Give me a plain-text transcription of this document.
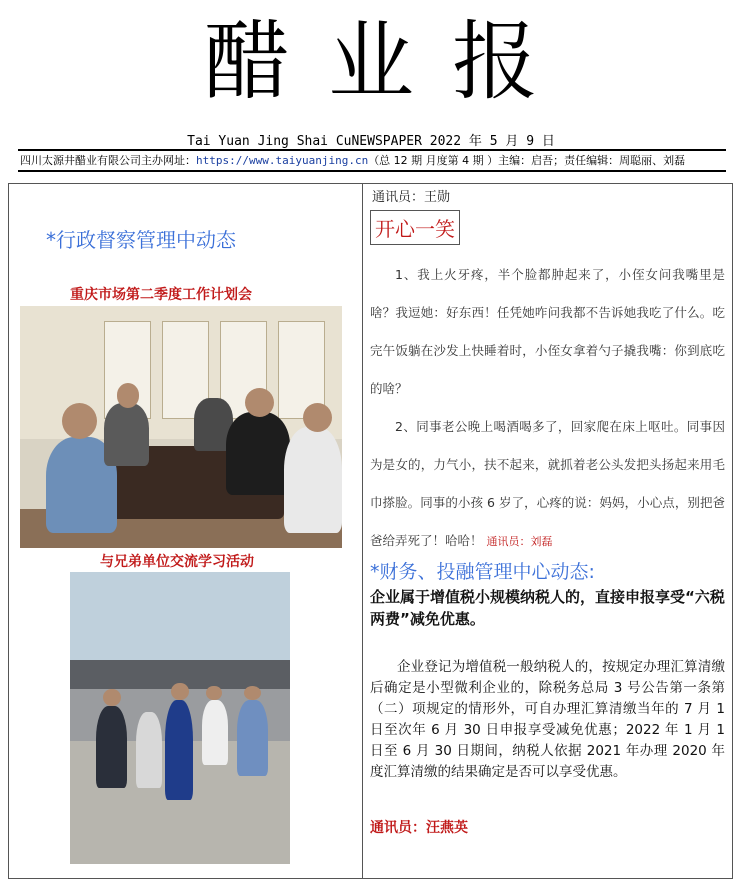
醋业报
Tai Yuan Jing Shai CuNEWSPAPER 2022 年 5 月 9 日
四川太源井醋业有限公司主办网址：https://www.taiyuanjing.cn（总 12 期 月度第 4 期 ）主编：启吾；责任编辑：周聪丽、刘磊
*行政督察管理中动态
重庆市场第二季度工作计划会
与兄弟单位交流学习活动
通讯员：王勋
开心一笑

1、我上火牙疼，半个脸都肿起来了，小侄女问我嘴里是啥？我逗她：好东西！任凭她咋问我都不告诉她我吃了什么。吃完午饭躺在沙发上快睡着时，小侄女拿着勺子撬我嘴：你到底吃的啥？

2、同事老公晚上喝酒喝多了，回家爬在床上呕吐。同事因为是女的，力气小，扶不起来，就抓着老公头发把头扬起来用毛巾搽脸。同事的小孩 6 岁了，心疼的说：妈妈，小心点，别把爸爸给弄死了！哈哈！ 通讯员：刘磊

*财务、投融管理中心动态:
企业属于增值税小规模纳税人的，直接申报享受“六税两费”减免优惠。
企业登记为增值税一般纳税人的，按规定办理汇算清缴后确定是小型微利企业的，除税务总局 3 号公告第一条第（二）项规定的情形外，可自办理汇算清缴当年的 7 月 1 日至次年 6 月 30 日申报享受减免优惠；2022 年 1 月 1 日至 6 月 30 日期间，纳税人依据 2021 年办理 2020 年度汇算清缴的结果确定是否可以享受优惠。
通讯员：汪燕英
